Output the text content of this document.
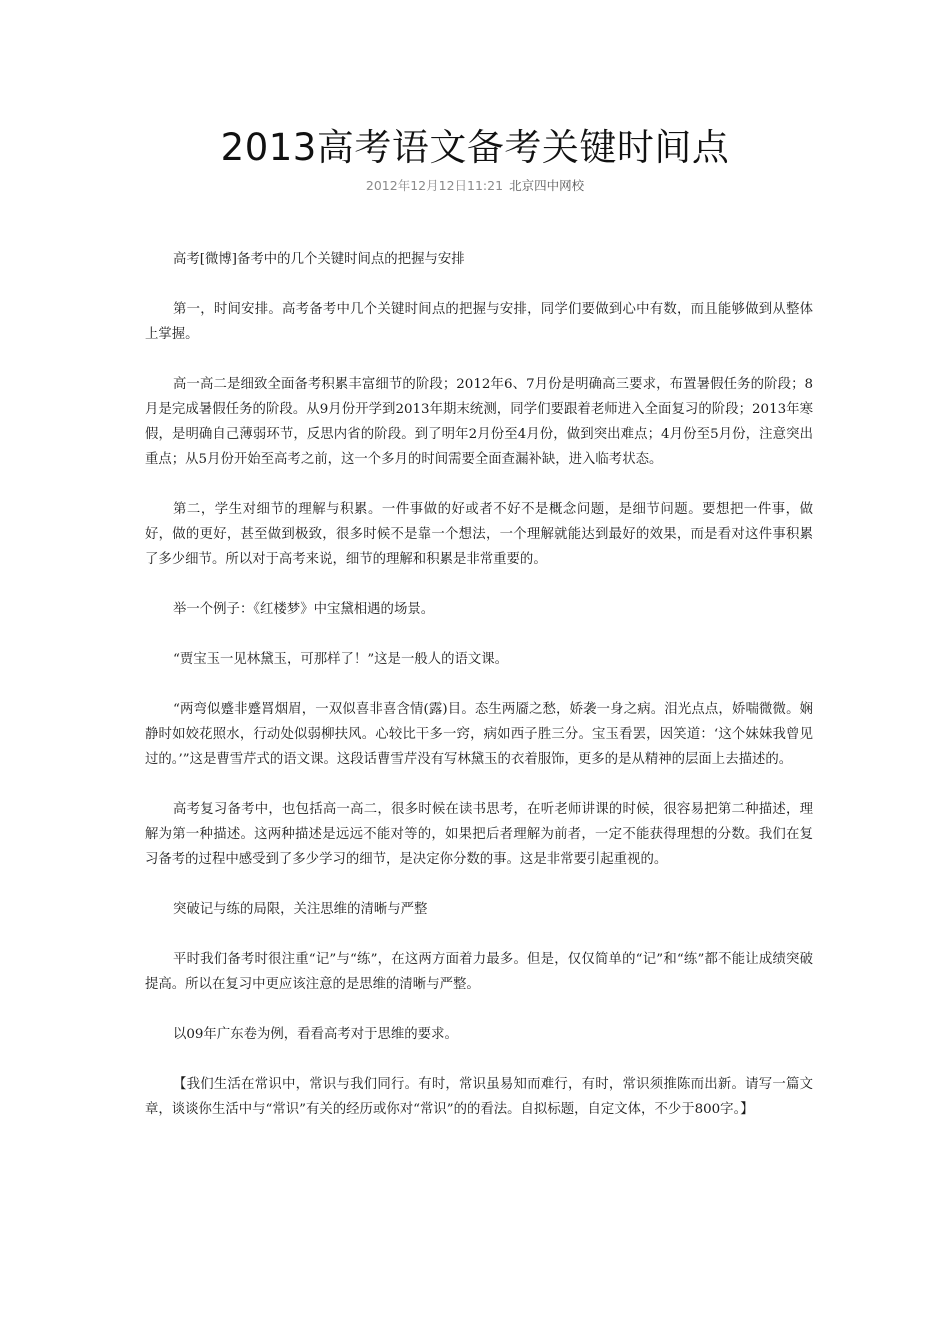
2013高考语文备考关键时间点
2012年12月12日11:21 北京四中网校

高考[微博]备考中的几个关键时间点的把握与安排

第一，时间安排。高考备考中几个关键时间点的把握与安排，同学们要做到心中有数，而且能够做到从整体上掌握。

高一高二是细致全面备考积累丰富细节的阶段；2012年6、7月份是明确高三要求，布置暑假任务的阶段；8月是完成暑假任务的阶段。从9月份开学到2013年期末统测，同学们要跟着老师进入全面复习的阶段；2013年寒假，是明确自己薄弱环节，反思内省的阶段。到了明年2月份至4月份，做到突出难点；4月份至5月份，注意突出重点；从5月份开始至高考之前，这一个多月的时间需要全面查漏补缺，进入临考状态。

第二，学生对细节的理解与积累。一件事做的好或者不好不是概念问题，是细节问题。要想把一件事，做好，做的更好，甚至做到极致，很多时候不是靠一个想法，一个理解就能达到最好的效果，而是看对这件事积累了多少细节。所以对于高考来说，细节的理解和积累是非常重要的。

举一个例子：《红楼梦》中宝黛相遇的场景。

“贾宝玉一见林黛玉，可那样了！”这是一般人的语文课。

“两弯似蹙非蹙罥烟眉，一双似喜非喜含情(露)目。态生两靥之愁，娇袭一身之病。泪光点点，娇喘微微。娴静时如姣花照水，行动处似弱柳扶风。心较比干多一窍，病如西子胜三分。宝玉看罢，因笑道：‘这个妹妹我曾见过的。’”这是曹雪芹式的语文课。这段话曹雪芹没有写林黛玉的衣着服饰，更多的是从精神的层面上去描述的。

高考复习备考中，也包括高一高二，很多时候在读书思考，在听老师讲课的时候，很容易把第二种描述，理解为第一种描述。这两种描述是远远不能对等的，如果把后者理解为前者，一定不能获得理想的分数。我们在复习备考的过程中感受到了多少学习的细节，是决定你分数的事。这是非常要引起重视的。

突破记与练的局限，关注思维的清晰与严整

平时我们备考时很注重“记”与“练”，在这两方面着力最多。但是，仅仅简单的“记”和“练”都不能让成绩突破提高。所以在复习中更应该注意的是思维的清晰与严整。

以09年广东卷为例，看看高考对于思维的要求。

【我们生活在常识中，常识与我们同行。有时，常识虽易知而难行，有时，常识须推陈而出新。请写一篇文章，谈谈你生活中与“常识”有关的经历或你对“常识”的的看法。自拟标题，自定文体，不少于800字。】
